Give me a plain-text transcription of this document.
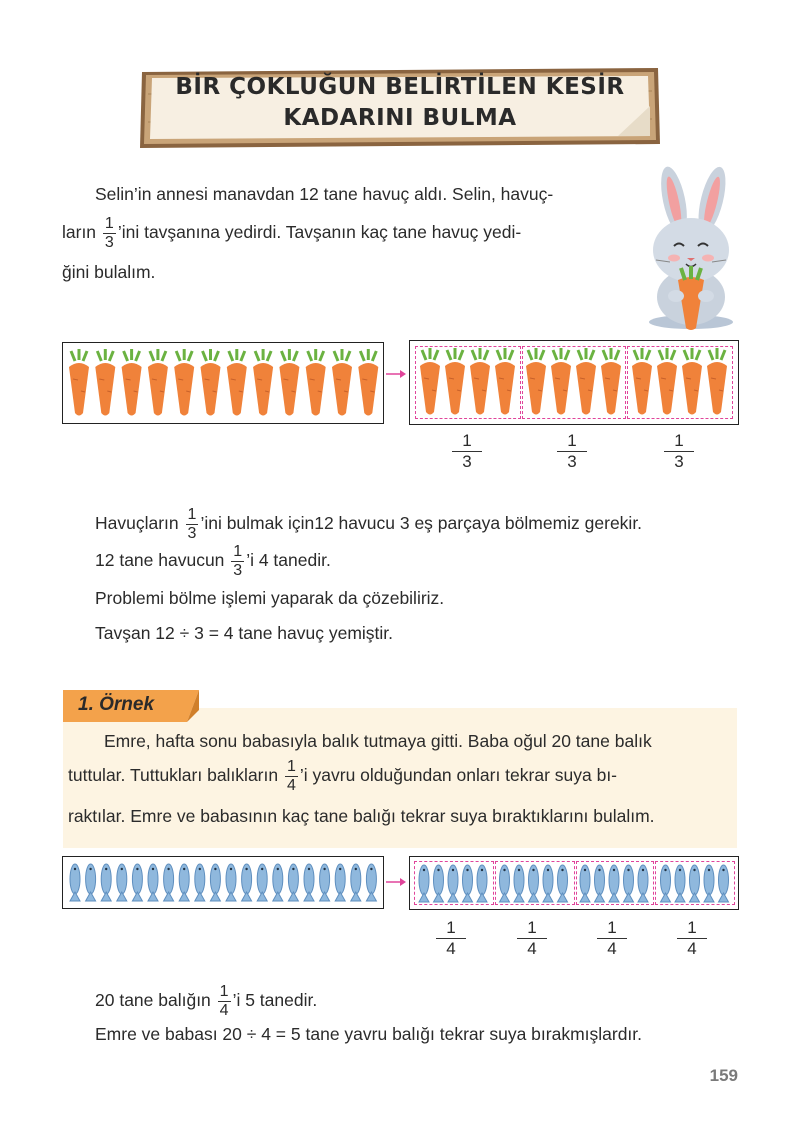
BİR ÇOKLUĞUN BELİRTİLEN KESİR
KADARINI BULMA
Selin’in annesi manavdan 12 tane havuç aldı. Selin, havuç-
ların $\frac{1}{3}$ ’ini tavşanına yedirdi. Tavşanın kaç tane havuç yedi-
ğini bulalım.
$\frac{1}{3}$	$\frac{1}{3}$	$\frac{1}{3}$
Havuçların $\frac{1}{3}$ ’ini bulmak için12 havucu 3 eş parçaya bölmemiz gerekir.
12 tane havucun $\frac{1}{3}$ ’i 4 tanedir.
Problemi bölme işlemi yaparak da çözebiliriz.
Tavşan 12 ÷ 3 = 4 tane havuç yemiştir.
1. Örnek
Emre, hafta sonu babasıyla balık tutmaya gitti. Baba oğul 20 tane balık
tuttular. Tuttukları balıkların $\frac{1}{4}$ ’i yavru olduğundan onları tekrar suya bı-
raktılar. Emre ve babasının kaç tane balığı tekrar suya bıraktıklarını bulalım.
$\frac{1}{4}$	$\frac{1}{4}$	$\frac{1}{4}$	$\frac{1}{4}$
20 tane balığın $\frac{1}{4}$ ’i 5 tanedir.
Emre ve babası 20 ÷ 4 = 5 tane yavru balığı tekrar suya bırakmışlardır.
159
